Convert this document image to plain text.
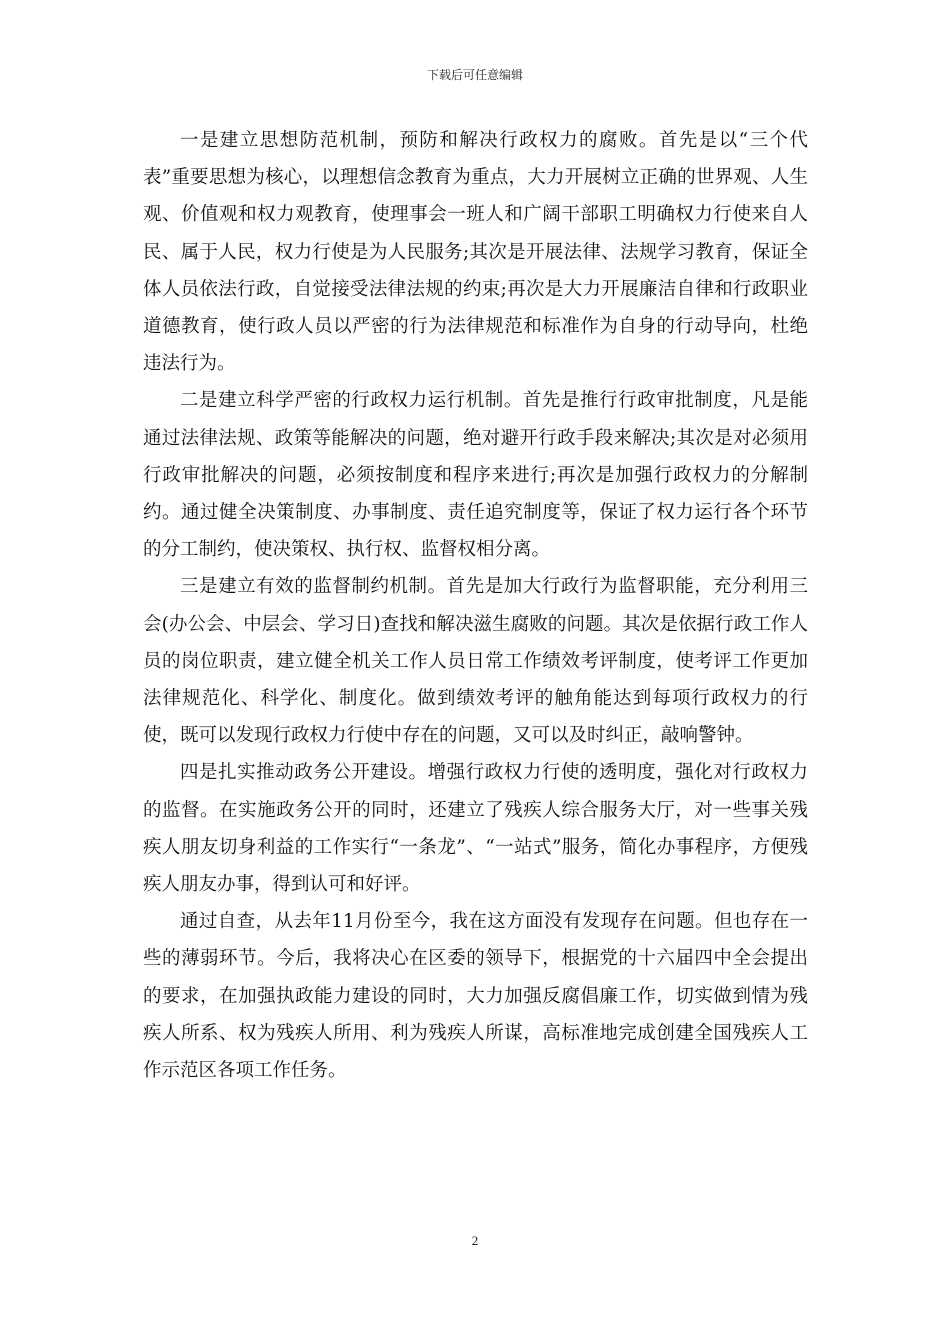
下载后可任意编辑

一是建立思想防范机制，预防和解决行政权力的腐败。首先是以“三个代表”重要思想为核心，以理想信念教育为重点，大力开展树立正确的世界观、人生观、价值观和权力观教育，使理事会一班人和广阔干部职工明确权力行使来自人民、属于人民，权力行使是为人民服务;其次是开展法律、法规学习教育，保证全体人员依法行政，自觉接受法律法规的约束;再次是大力开展廉洁自律和行政职业道德教育，使行政人员以严密的行为法律规范和标准作为自身的行动导向，杜绝违法行为。

二是建立科学严密的行政权力运行机制。首先是推行行政审批制度，凡是能通过法律法规、政策等能解决的问题，绝对避开行政手段来解决;其次是对必须用行政审批解决的问题，必须按制度和程序来进行;再次是加强行政权力的分解制约。通过健全决策制度、办事制度、责任追究制度等，保证了权力运行各个环节的分工制约，使决策权、执行权、监督权相分离。

三是建立有效的监督制约机制。首先是加大行政行为监督职能，充分利用三会(办公会、中层会、学习日)查找和解决滋生腐败的问题。其次是依据行政工作人员的岗位职责，建立健全机关工作人员日常工作绩效考评制度，使考评工作更加法律规范化、科学化、制度化。做到绩效考评的触角能达到每项行政权力的行使，既可以发现行政权力行使中存在的问题，又可以及时纠正，敲响警钟。

四是扎实推动政务公开建设。增强行政权力行使的透明度，强化对行政权力的监督。在实施政务公开的同时，还建立了残疾人综合服务大厅，对一些事关残疾人朋友切身利益的工作实行“一条龙”、“一站式”服务，简化办事程序，方便残疾人朋友办事，得到认可和好评。

通过自查，从去年11月份至今，我在这方面没有发现存在问题。但也存在一些的薄弱环节。今后，我将决心在区委的领导下，根据党的十六届四中全会提出的要求，在加强执政能力建设的同时，大力加强反腐倡廉工作，切实做到情为残疾人所系、权为残疾人所用、利为残疾人所谋，高标准地完成创建全国残疾人工作示范区各项工作任务。

2
